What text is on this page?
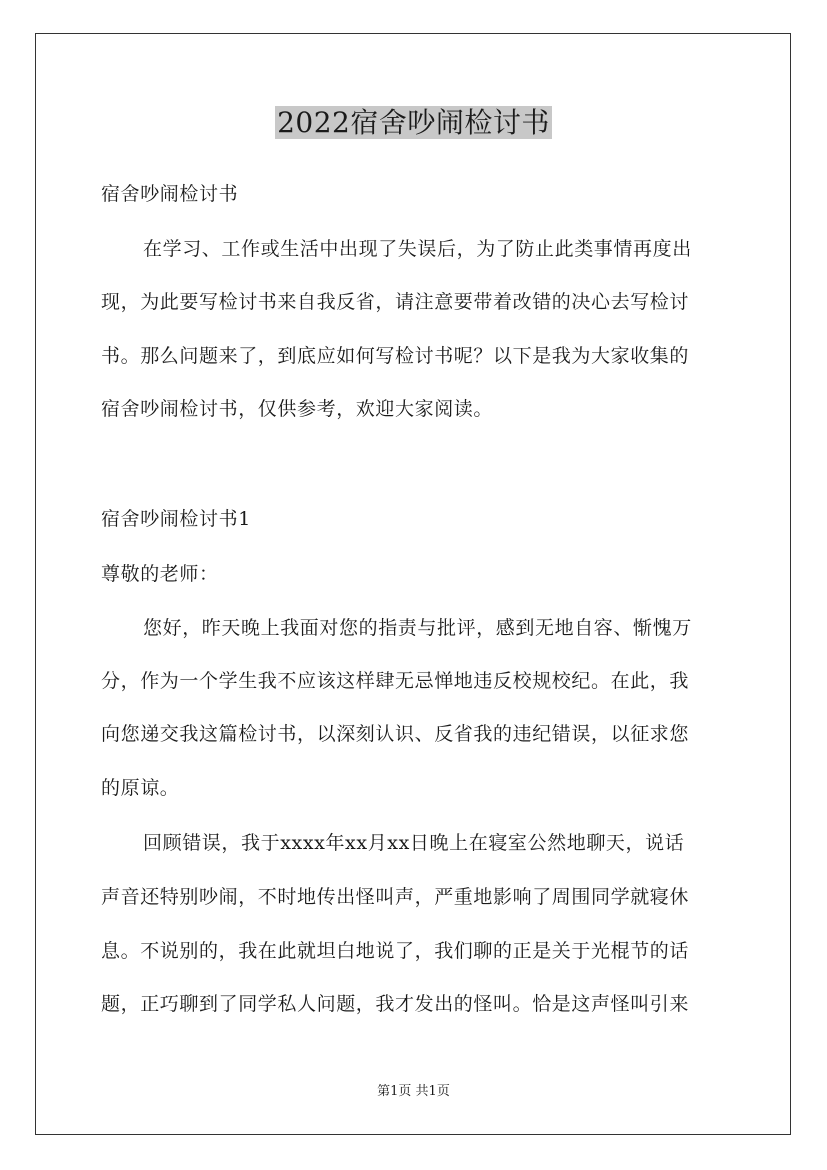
2022宿舍吵闹检讨书
宿舍吵闹检讨书
在学习、工作或生活中出现了失误后，为了防止此类事情再度出
现，为此要写检讨书来自我反省，请注意要带着改错的决心去写检讨
书。那么问题来了，到底应如何写检讨书呢？以下是我为大家收集的
宿舍吵闹检讨书，仅供参考，欢迎大家阅读。
宿舍吵闹检讨书1
尊敬的老师：
您好，昨天晚上我面对您的指责与批评，感到无地自容、惭愧万
分，作为一个学生我不应该这样肆无忌惮地违反校规校纪。在此，我
向您递交我这篇检讨书，以深刻认识、反省我的违纪错误，以征求您
的原谅。
回顾错误，我于xxxx年xx月xx日晚上在寝室公然地聊天，说话
声音还特别吵闹，不时地传出怪叫声，严重地影响了周围同学就寝休
息。不说别的，我在此就坦白地说了，我们聊的正是关于光棍节的话
题，正巧聊到了同学私人问题，我才发出的怪叫。恰是这声怪叫引来
第1页 共1页
